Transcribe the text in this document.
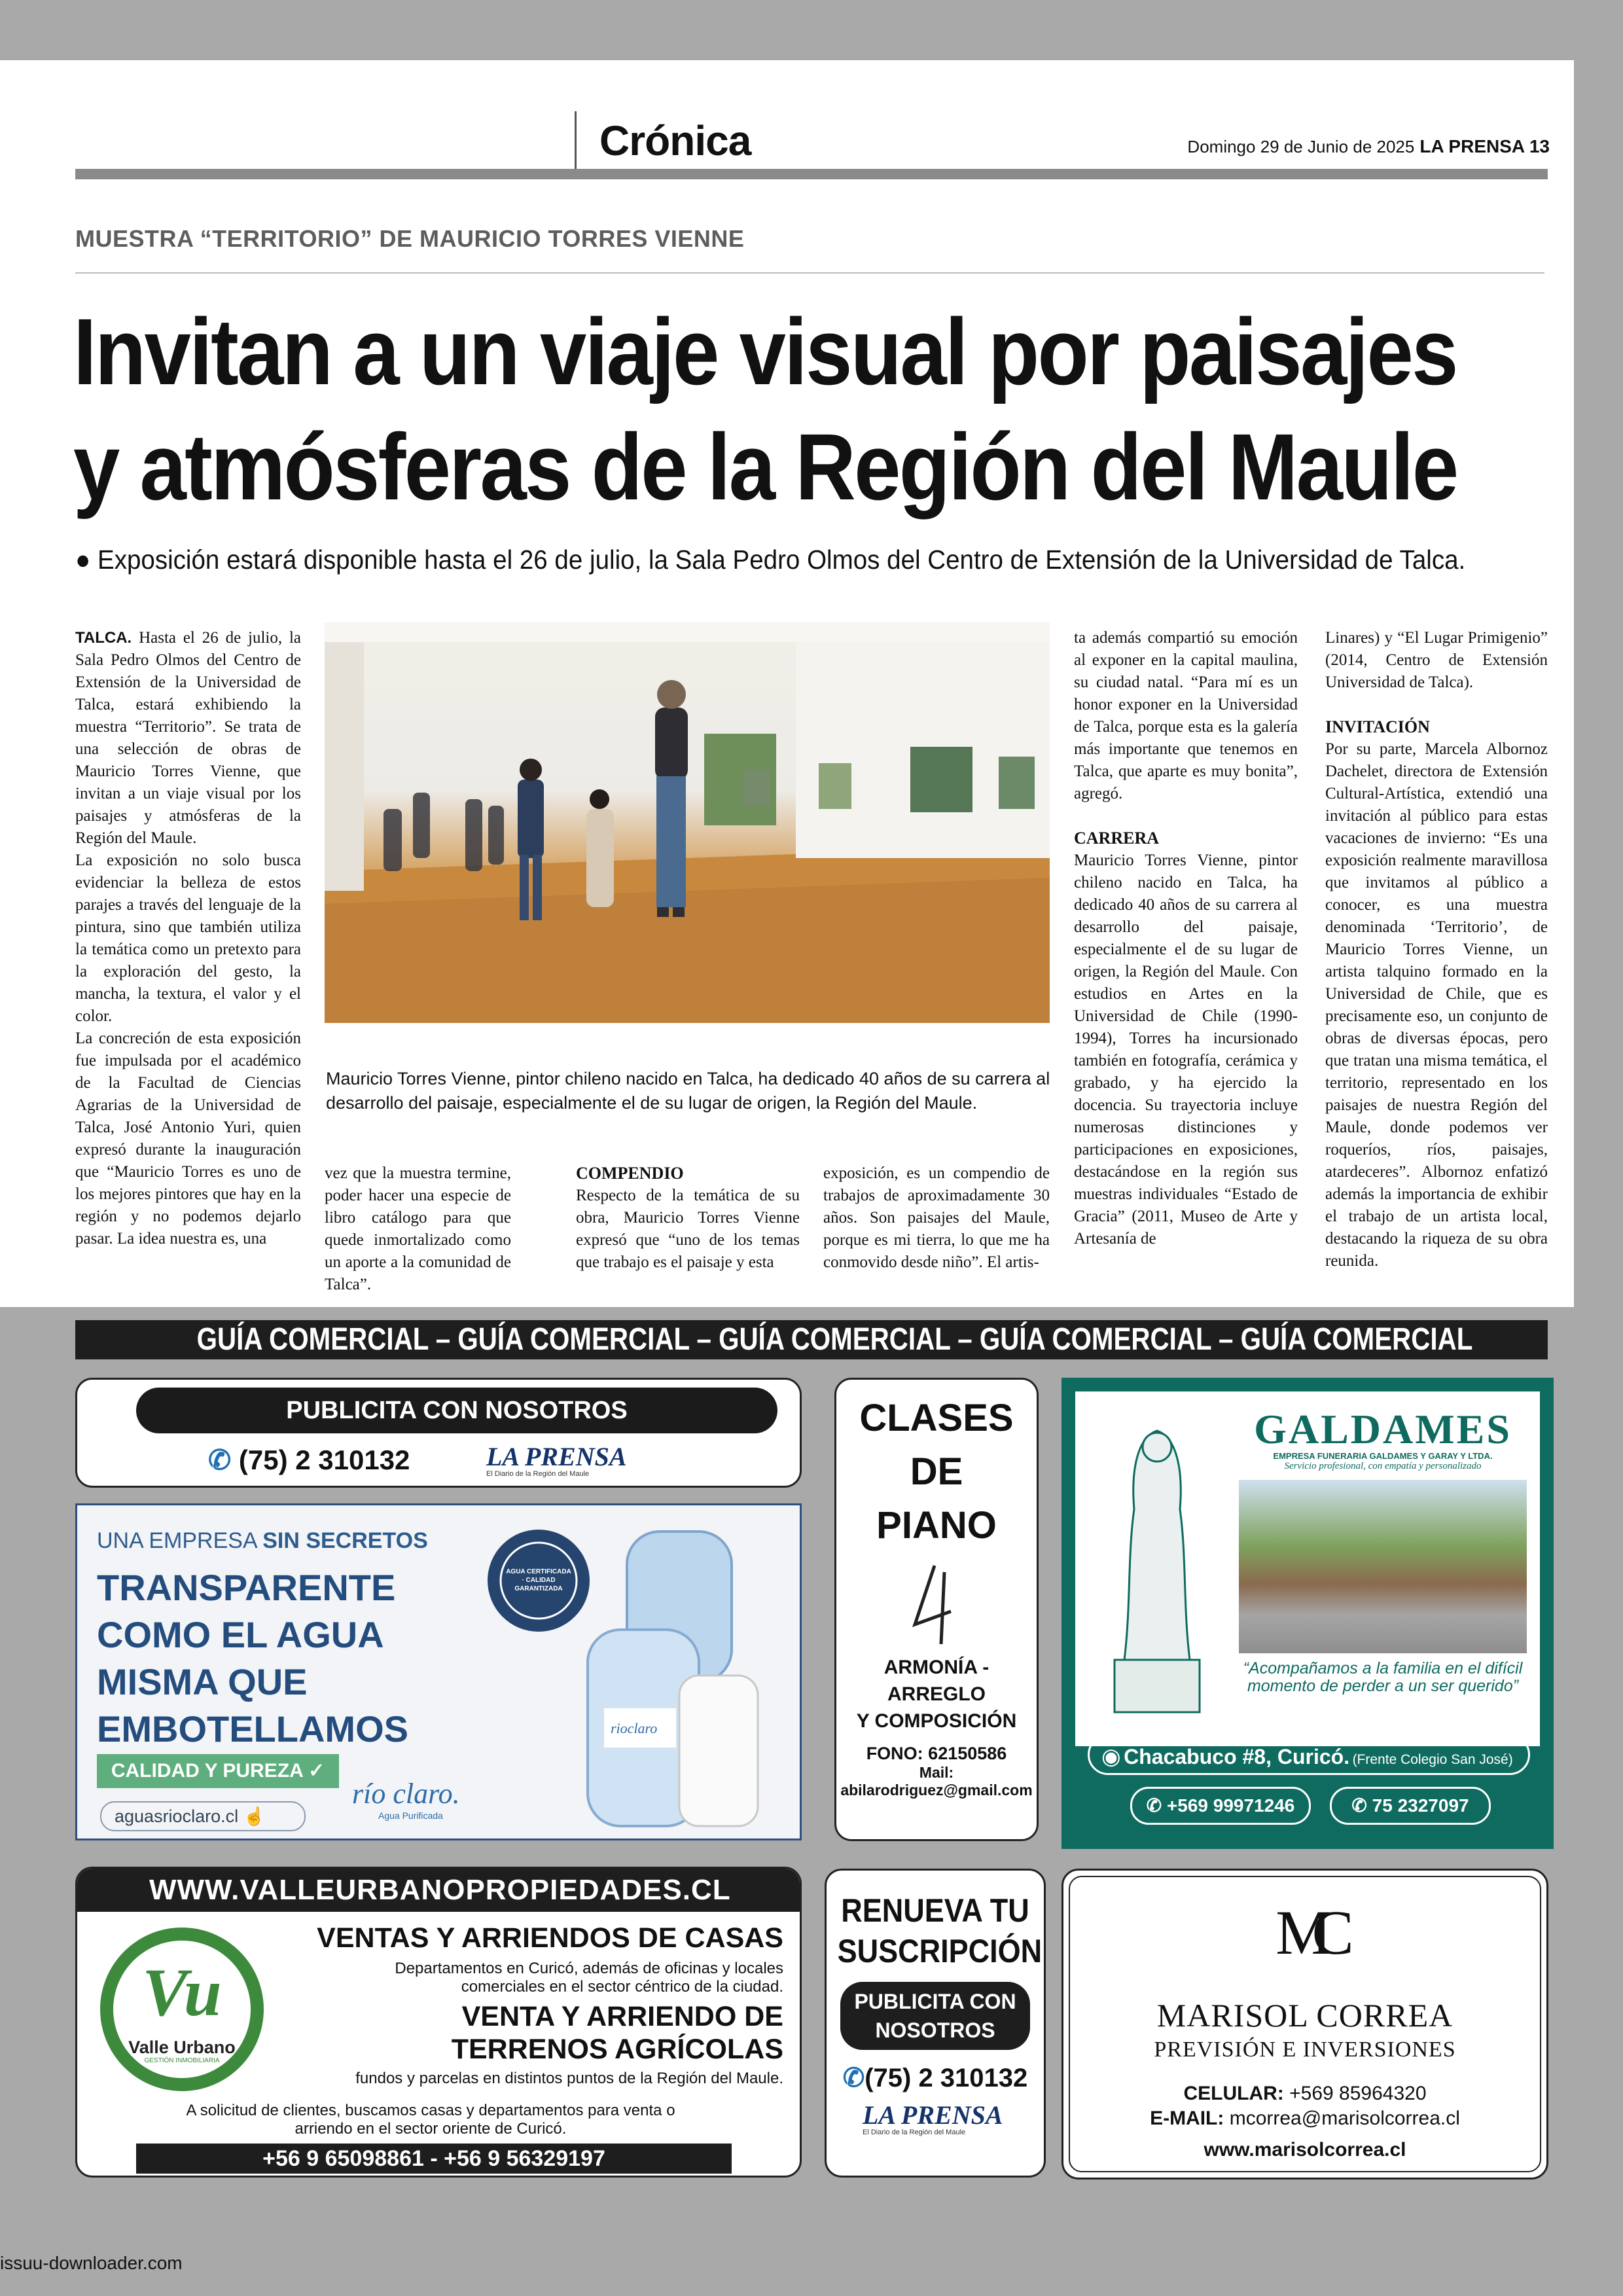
Crónica	Domingo 29 de Junio de 2025 LA PRENSA 13
MUESTRA “TERRITORIO” DE MAURICIO TORRES VIENNE
Invitan a un viaje visual por paisajes
y atmósferas de la Región del Maule
● Exposición estará disponible hasta el 26 de julio, la Sala Pedro Olmos del Centro de Extensión de la Universidad de Talca.

TALCA. Hasta el 26 de julio, la Sala Pedro Olmos del Centro de Extensión de la Universidad de Talca, estará exhibiendo la muestra “Territorio”. Se trata de una selección de obras de Mauricio Torres Vienne, que invitan a un viaje visual por los paisajes y atmósferas de la Región del Maule.

La exposición no solo busca evidenciar la belleza de estos parajes a través del lenguaje de la pintura, sino que también utiliza la temática como un pretexto para la exploración del gesto, la mancha, la textura, el valor y el color.

La concreción de esta exposición fue impulsada por el académico de la Facultad de Ciencias Agrarias de la Universidad de Talca, José Antonio Yuri, quien expresó durante la inauguración que “Mauricio Torres es uno de los mejores pintores que hay en la región y no podemos dejarlo pasar. La idea nuestra es, una

Mauricio Torres Vienne, pintor chileno nacido en Talca, ha dedicado 40 años de su carrera al desarrollo del paisaje, especialmente el de su lugar de origen, la Región del Maule.

vez que la muestra termine, poder hacer una especie de libro catálogo para que quede inmortalizado como un aporte a la comunidad de Talca”.

COMPENDIO

Respecto de la temática de su obra, Mauricio Torres Vienne expresó que “uno de los temas que trabajo es el paisaje y esta

exposición, es un compendio de trabajos de aproximadamente 30 años. Son paisajes del Maule, porque es mi tierra, lo que me ha conmovido desde niño”. El artis-

ta además compartió su emoción al exponer en la capital maulina, su ciudad natal. “Para mí es un honor exponer en la Universidad de Talca, porque esta es la galería más importante que tenemos en Talca, que aparte es muy bonita”, agregó.

CARRERA

Mauricio Torres Vienne, pintor chileno nacido en Talca, ha dedicado 40 años de su carrera al desarrollo del paisaje, especialmente el de su lugar de origen, la Región del Maule. Con estudios en Artes en la Universidad de Chile (1990-1994), Torres ha incursionado también en fotografía, cerámica y grabado, y ha ejercido la docencia. Su trayectoria incluye numerosas distinciones y participaciones en exposiciones, destacándose en la región sus muestras individuales “Estado de Gracia” (2011, Museo de Arte y Artesanía de

Linares) y “El Lugar Primigenio” (2014, Centro de Extensión Universidad de Talca).

INVITACIÓN

Por su parte, Marcela Albornoz Dachelet, directora de Extensión Cultural-Artística, extendió una invitación al público para estas vacaciones de invierno: “Es una exposición realmente maravillosa que invitamos al público a conocer, es una muestra denominada ‘Territorio’, de Mauricio Torres Vienne, un artista talquino formado en la Universidad de Chile, que es precisamente eso, un conjunto de obras de diversas épocas, pero que tratan una misma temática, el territorio, representado en los paisajes de nuestra Región del Maule, donde podemos ver roqueríos, ríos, paisajes, atardeceres”. Albornoz enfatizó además la importancia de exhibir el trabajo de un artista local, destacando la riqueza de su obra reunida.

GUÍA COMERCIAL – GUÍA COMERCIAL – GUÍA COMERCIAL – GUÍA COMERCIAL – GUÍA COMERCIAL
PUBLICITA CON NOSOTROS
✆ (75) 2 310132	LA PRENSA
El Diario de la Región del Maule
UNA EMPRESA SIN SECRETOS
TRANSPARENTE
COMO EL AGUA
MISMA QUE
EMBOTELLAMOS
CALIDAD Y PUREZA ✓
aguasrioclaro.cl ☝
río claro.
Agua Purificada
rioclaro
AGUA CERTIFICADA · CALIDAD GARANTIZADA
CLASES
DE
PIANO
ARMONÍA -
ARREGLO
Y COMPOSICIÓN
FONO: 62150586
Mail:
abilarodriguez@gmail.com
GALDAMES
EMPRESA FUNERARIA GALDAMES Y GARAY Y LTDA.
Servicio profesional, con empatía y personalizado
“Acompañamos a la familia en el difícil momento de perder a un ser querido”
◉ Chacabuco #8, Curicó. (Frente Colegio San José)
✆ +569 99971246	✆ 75 2327097
WWW.VALLEURBANOPROPIEDADES.CL
Vu
Valle Urbano
GESTIÓN INMOBILIARIA
VENTAS Y ARRIENDOS DE CASAS
Departamentos en Curicó, además de oficinas y locales comerciales en el sector céntrico de la ciudad.
VENTA Y ARRIENDO DE
TERRENOS AGRÍCOLAS
fundos y parcelas en distintos puntos de la Región del Maule.
A solicitud de clientes, buscamos casas y departamentos para venta o arriendo en el sector oriente de Curicó.
+56 9 65098861 - +56 9 56329197
RENUEVA TU
SUSCRIPCIÓN
PUBLICITA CON NOSOTROS
✆(75) 2 310132
LA PRENSA
El Diario de la Región del Maule
MC
MARISOL CORREA
PREVISIÓN E INVERSIONES
CELULAR: +569 85964320
E-MAIL: mcorrea@marisolcorrea.cl
www.marisolcorrea.cl
issuu-downloader.com
